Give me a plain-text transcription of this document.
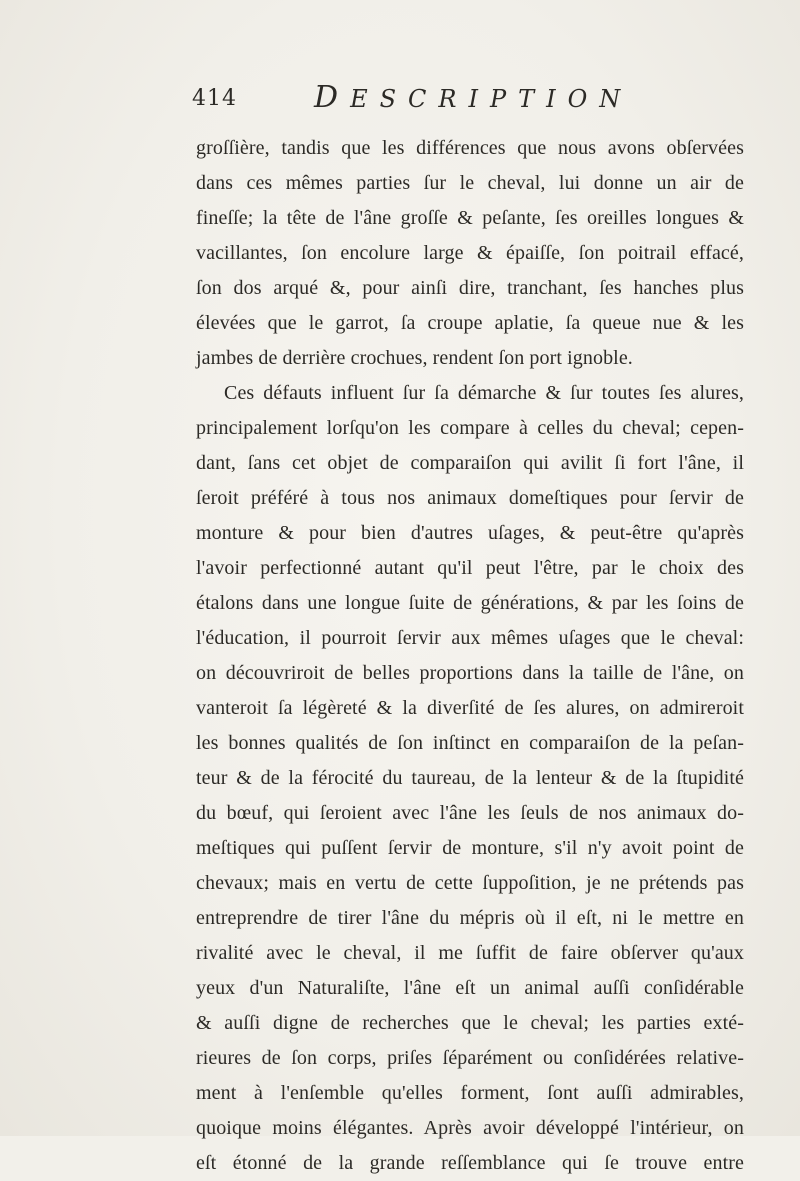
414	DESCRIPTION
groſſière, tandis que les différences que nous avons obſervées
dans ces mêmes parties ſur le cheval, lui donne un air de
fineſſe; la tête de l'âne groſſe & peſante, ſes oreilles longues &
vacillantes, ſon encolure large & épaiſſe, ſon poitrail effacé,
ſon dos arqué &, pour ainſi dire, tranchant, ſes hanches plus
élevées que le garrot, ſa croupe aplatie, ſa queue nue & les
jambes de derrière crochues, rendent ſon port ignoble.
Ces défauts influent ſur ſa démarche & ſur toutes ſes alures,
principalement lorſqu'on les compare à celles du cheval; cepen-
dant, ſans cet objet de comparaiſon qui avilit ſi fort l'âne, il
ſeroit préféré à tous nos animaux domeſtiques pour ſervir de
monture & pour bien d'autres uſages, & peut-être qu'après
l'avoir perfectionné autant qu'il peut l'être, par le choix des
étalons dans une longue ſuite de générations, & par les ſoins de
l'éducation, il pourroit ſervir aux mêmes uſages que le cheval:
on découvriroit de belles proportions dans la taille de l'âne, on
vanteroit ſa légèreté & la diverſité de ſes alures, on admireroit
les bonnes qualités de ſon inſtinct en comparaiſon de la peſan-
teur & de la férocité du taureau, de la lenteur & de la ſtupidité
du bœuf, qui ſeroient avec l'âne les ſeuls de nos animaux do-
meſtiques qui puſſent ſervir de monture, s'il n'y avoit point de
chevaux; mais en vertu de cette ſuppoſition, je ne prétends pas
entreprendre de tirer l'âne du mépris où il eſt, ni le mettre en
rivalité avec le cheval, il me ſuffit de faire obſerver qu'aux
yeux d'un Naturaliſte, l'âne eſt un animal auſſi conſidérable
& auſſi digne de recherches que le cheval; les parties exté-
rieures de ſon corps, priſes ſéparément ou conſidérées relative-
ment à l'enſemble qu'elles forment, ſont auſſi admirables,
quoique moins élégantes. Après avoir développé l'intérieur, on
eſt étonné de la grande reſſemblance qui ſe trouve entre
